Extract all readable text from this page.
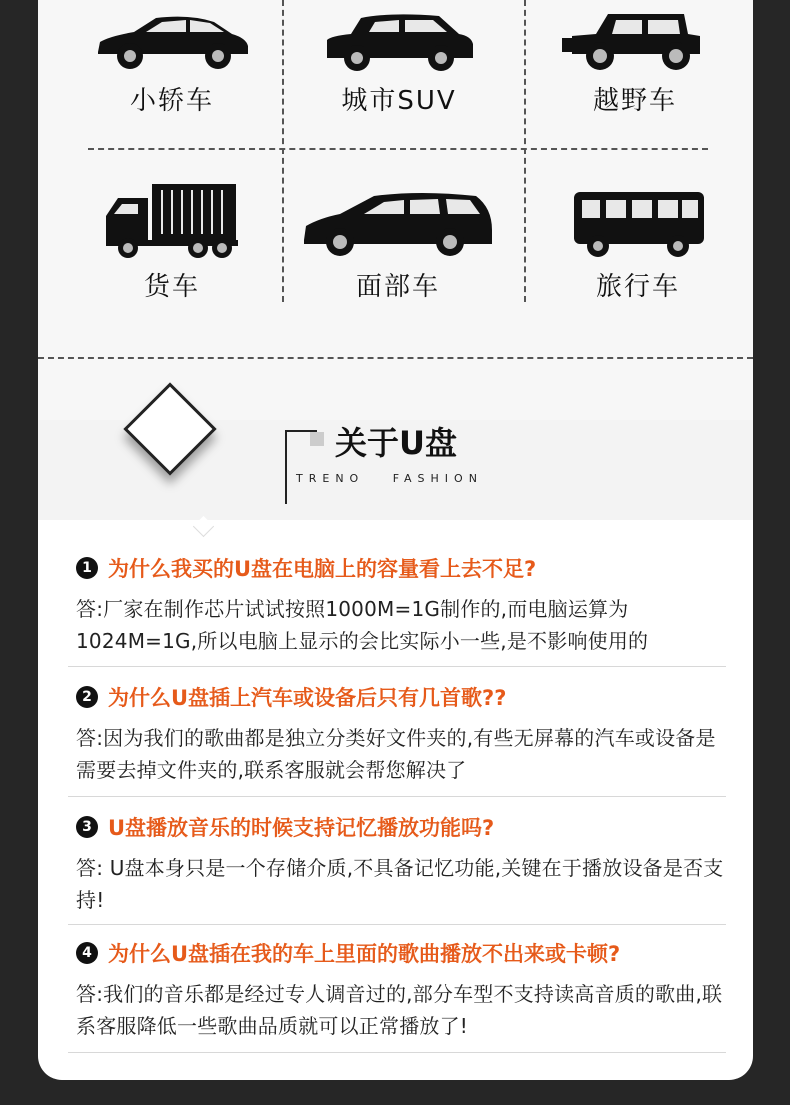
小轿车	城市SUV	越野车
货车	面部车	旅行车
关于U盘
TRENO   FASHION
1 为什么我买的U盘在电脑上的容量看上去不足?
答:厂家在制作芯片试试按照1000M=1G制作的,而电脑运算为1024M=1G,所以电脑上显示的会比实际小一些,是不影响使用的
2 为什么U盘插上汽车或设备后只有几首歌??
答:因为我们的歌曲都是独立分类好文件夹的,有些无屏幕的汽车或设备是需要去掉文件夹的,联系客服就会帮您解决了
3 U盘播放音乐的时候支持记忆播放功能吗?
答: U盘本身只是一个存储介质,不具备记忆功能,关键在于播放设备是否支持!
4 为什么U盘插在我的车上里面的歌曲播放不出来或卡顿?
答:我们的音乐都是经过专人调音过的,部分车型不支持读高音质的歌曲,联系客服降低一些歌曲品质就可以正常播放了!
